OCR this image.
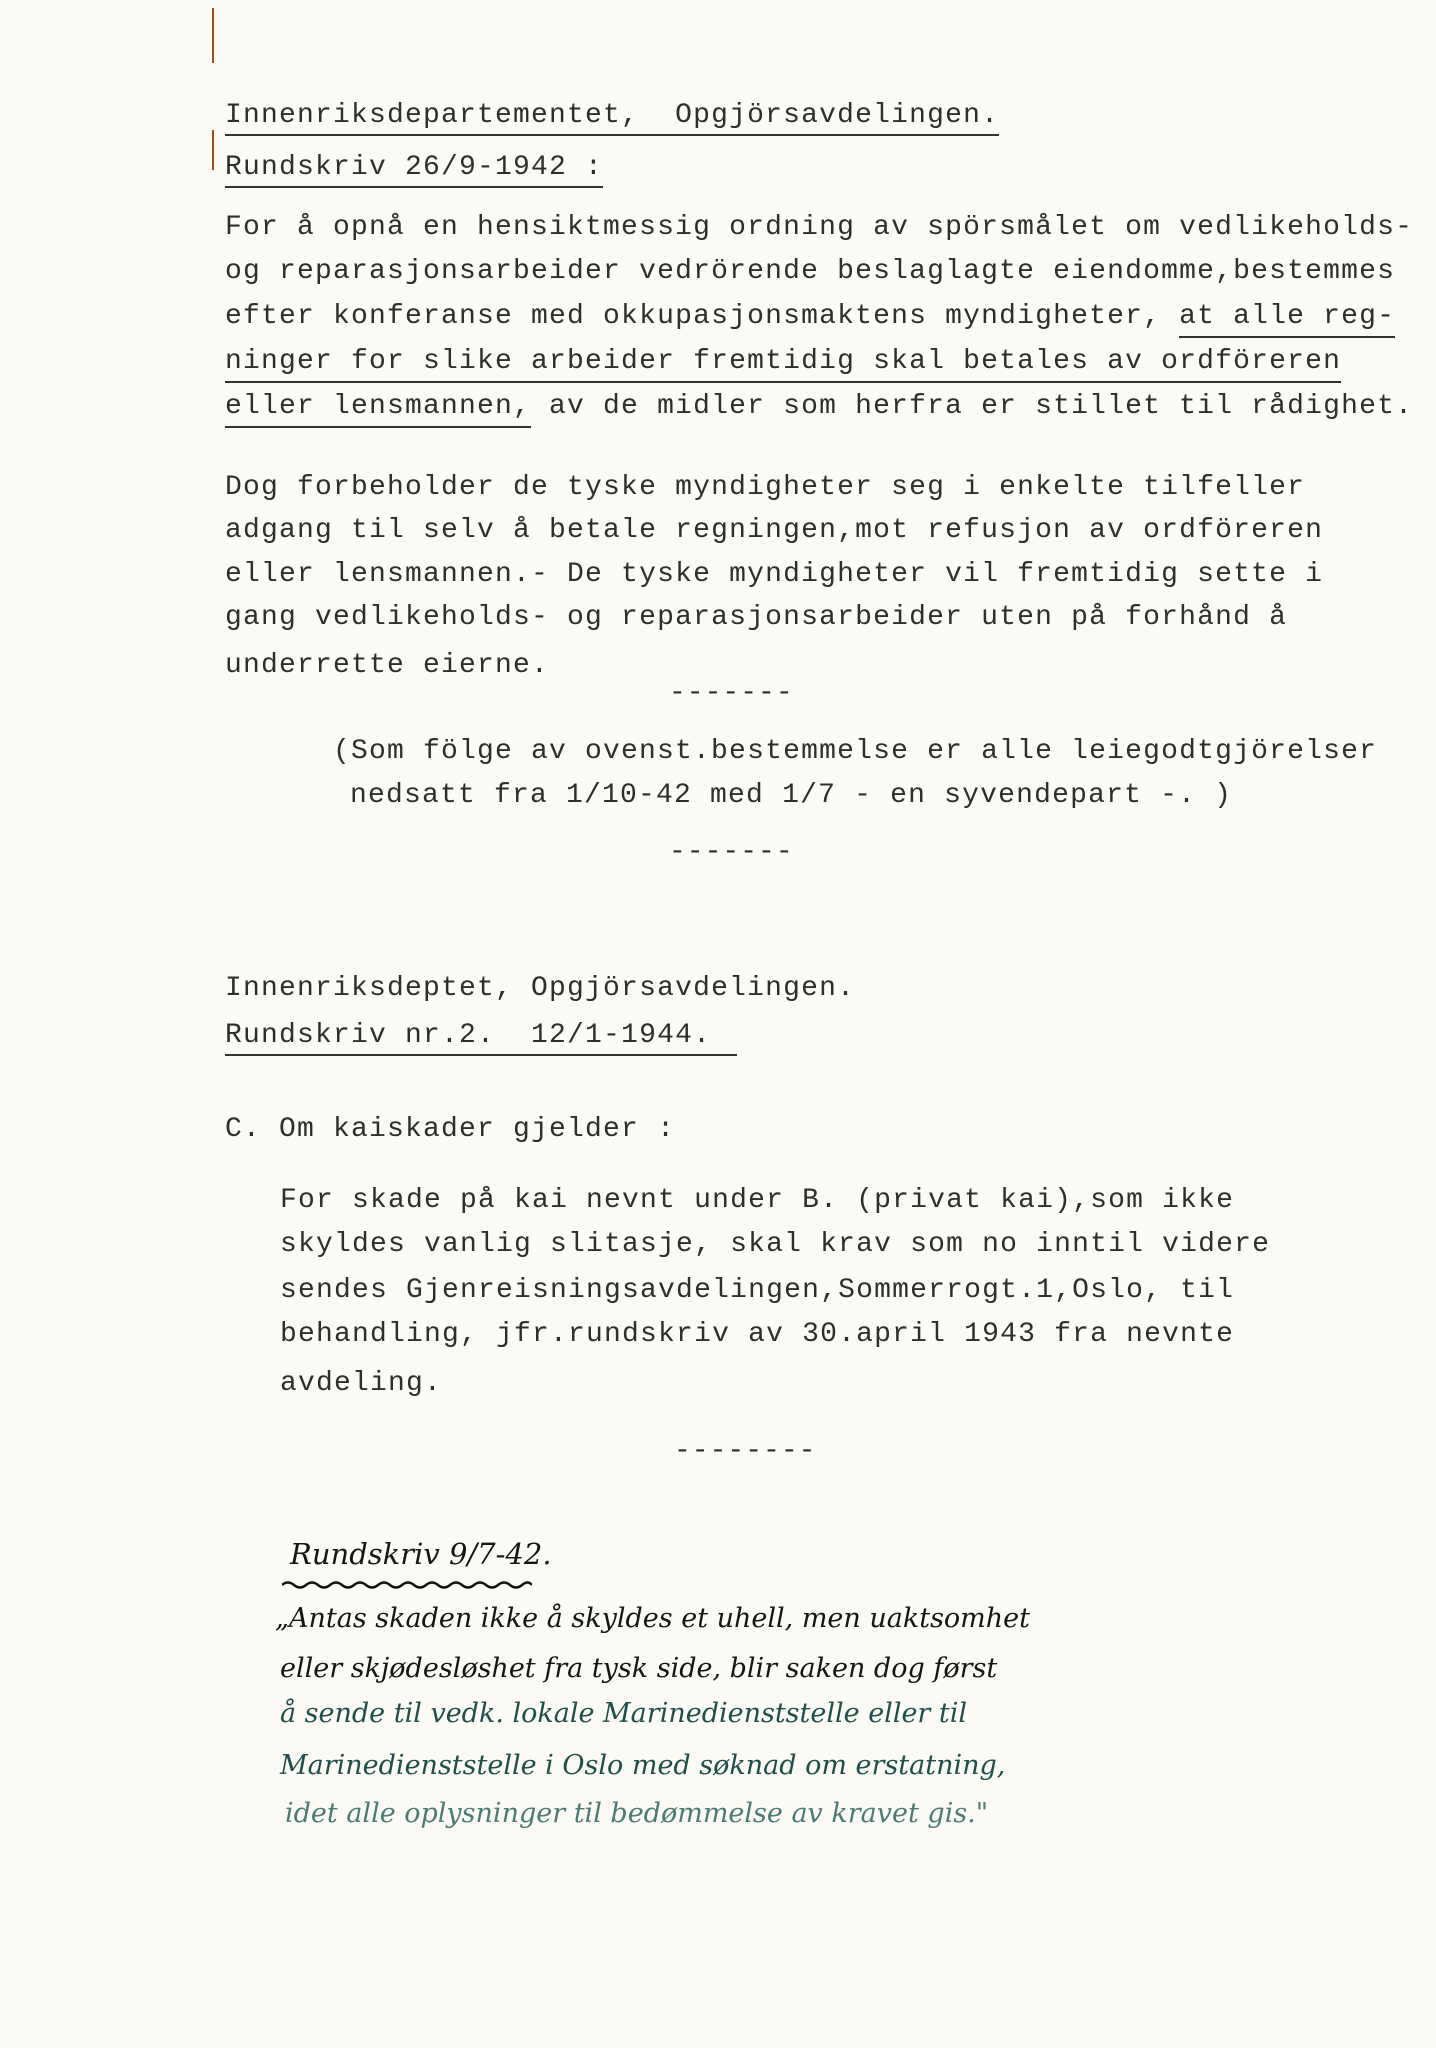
Innenriksdepartementet,  Opgjörsavdelingen.
Rundskriv 26/9-1942 :
For å opnå en hensiktmessig ordning av spörsmålet om vedlikeholds-
og reparasjonsarbeider vedrörende beslaglagte eiendomme,bestemmes
efter konferanse med okkupasjonsmaktens myndigheter, at alle reg-
ninger for slike arbeider fremtidig skal betales av ordföreren
eller lensmannen, av de midler som herfra er stillet til rådighet.
Dog forbeholder de tyske myndigheter seg i enkelte tilfeller
adgang til selv å betale regningen,mot refusjon av ordföreren
eller lensmannen.- De tyske myndigheter vil fremtidig sette i
gang vedlikeholds- og reparasjonsarbeider uten på forhånd å
underrette eierne.
-------
(Som fölge av ovenst.bestemmelse er alle leiegodtgjörelser
nedsatt fra 1/10-42 med 1/7 - en syvendepart -. )
-------
Innenriksdeptet, Opgjörsavdelingen.
Rundskriv nr.2.  12/1-1944.
C. Om kaiskader gjelder :
For skade på kai nevnt under B. (privat kai),som ikke
skyldes vanlig slitasje, skal krav som no inntil videre
sendes Gjenreisningsavdelingen,Sommerrogt.1,Oslo, til
behandling, jfr.rundskriv av 30.april 1943 fra nevnte
avdeling.
--------
Rundskriv 9/7-42.
„Antas skaden ikke å skyldes et uhell, men uaktsomhet
eller skjødesløshet fra tysk side, blir saken dog først
å sende til vedk. lokale Marinedienststelle eller til
Marinedienststelle i Oslo med søknad om erstatning,
idet alle oplysninger til bedømmelse av kravet gis."
